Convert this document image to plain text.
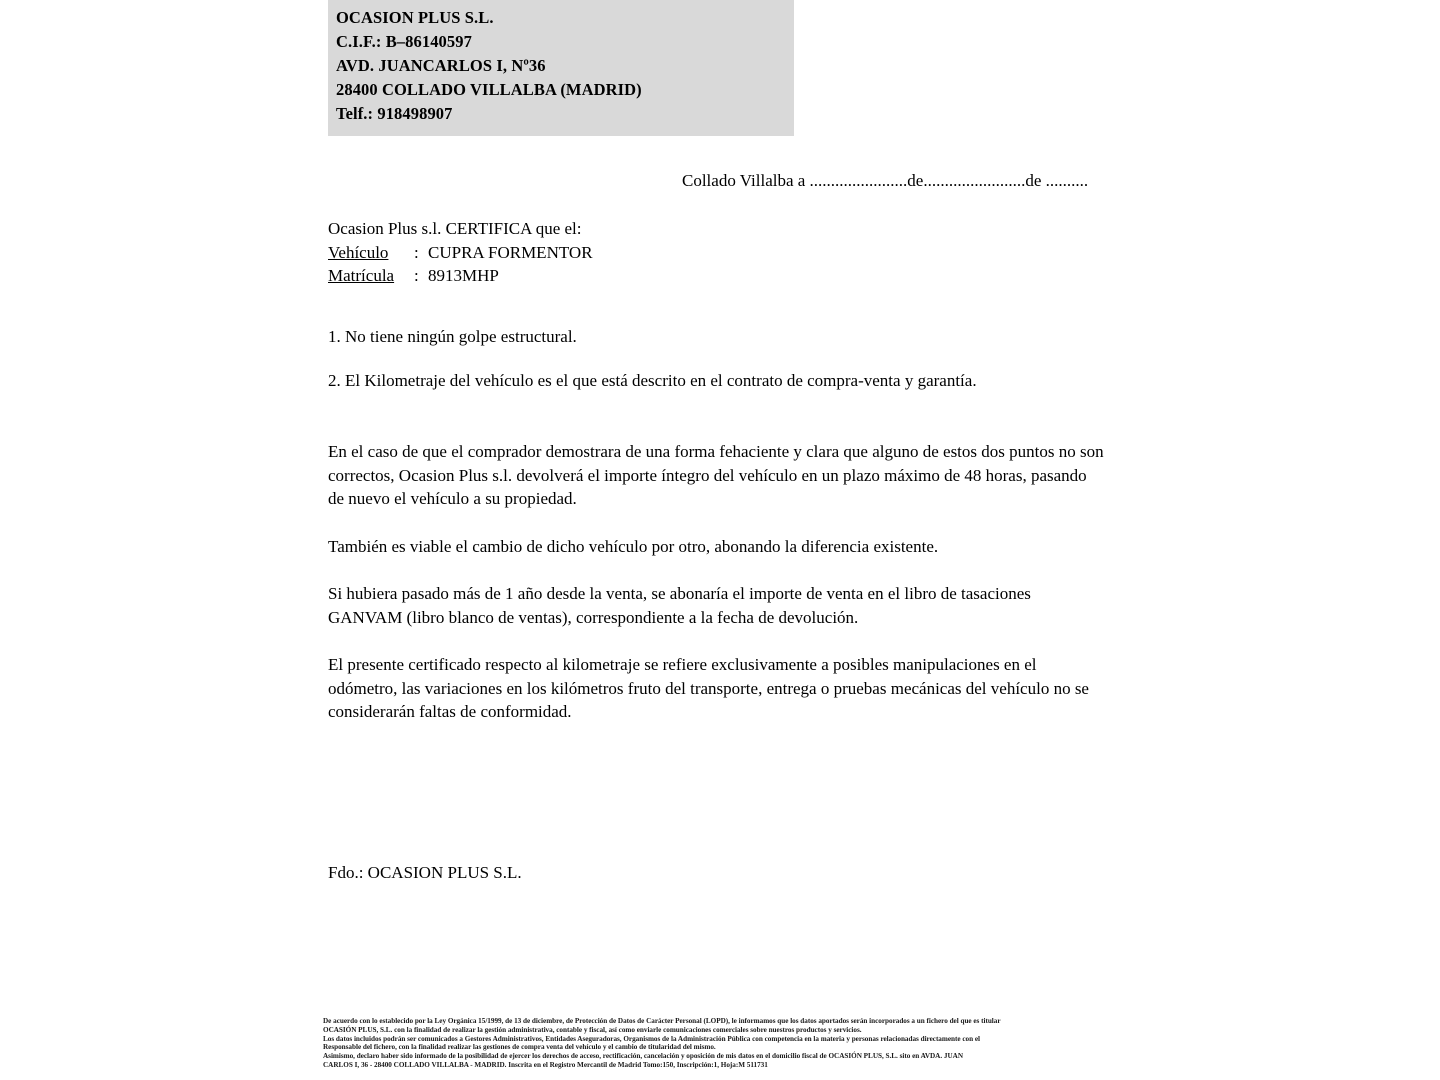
OCASION PLUS S.L.
C.I.F.: B–86140597
AVD. JUANCARLOS I, Nº36
28400 COLLADO VILLALBA (MADRID)
Telf.: 918498907
Collado Villalba a .......................de........................de ..........
Ocasion Plus s.l. CERTIFICA que el:
Vehículo	: CUPRA FORMENTOR
Matrícula	: 8913MHP
1. No tiene ningún golpe estructural.
2. El Kilometraje del vehículo es el que está descrito en el contrato de compra-venta y garantía.

En el caso de que el comprador demostrara de una forma fehaciente y clara que alguno de estos dos puntos no son correctos, Ocasion Plus s.l. devolverá el importe íntegro del vehículo en un plazo máximo de 48 horas, pasando de nuevo el vehículo a su propiedad.

También es viable el cambio de dicho vehículo por otro, abonando la diferencia existente.

Si hubiera pasado más de 1 año desde la venta, se abonaría el importe de venta en el libro de tasaciones GANVAM (libro blanco de ventas), correspondiente a la fecha de devolución.

El presente certificado respecto al kilometraje se refiere exclusivamente a posibles manipulaciones en el odómetro, las variaciones en los kilómetros fruto del transporte, entrega o pruebas mecánicas del vehículo no se considerarán faltas de conformidad.

Fdo.: OCASION PLUS S.L.

De acuerdo con lo establecido por la Ley Orgánica 15/1999, de 13 de diciembre, de Protección de Datos de Carácter Personal (LOPD), le informamos que los datos aportados serán incorporados a un fichero del que es titular
OCASIÓN PLUS, S.L. con la finalidad de realizar la gestión administrativa, contable y fiscal, así como enviarle comunicaciones comerciales sobre nuestros productos y servicios.
Los datos incluidos podrán ser comunicados a Gestores Administrativos, Entidades Aseguradoras, Organismos de la Administración Pública con competencia en la materia y personas relacionadas directamente con el
Responsable del fichero, con la finalidad realizar las gestiones de compra venta del vehículo y el cambio de titularidad del mismo.
Asimismo, declaro haber sido informado de la posibilidad de ejercer los derechos de acceso, rectificación, cancelación y oposición de mis datos en el domicilio fiscal de OCASIÓN PLUS, S.L. sito en AVDA. JUAN
CARLOS I, 36 - 28400 COLLADO VILLALBA - MADRID. Inscrita en el Registro Mercantil de Madrid Tomo:150, Inscripción:1, Hoja:M 511731
